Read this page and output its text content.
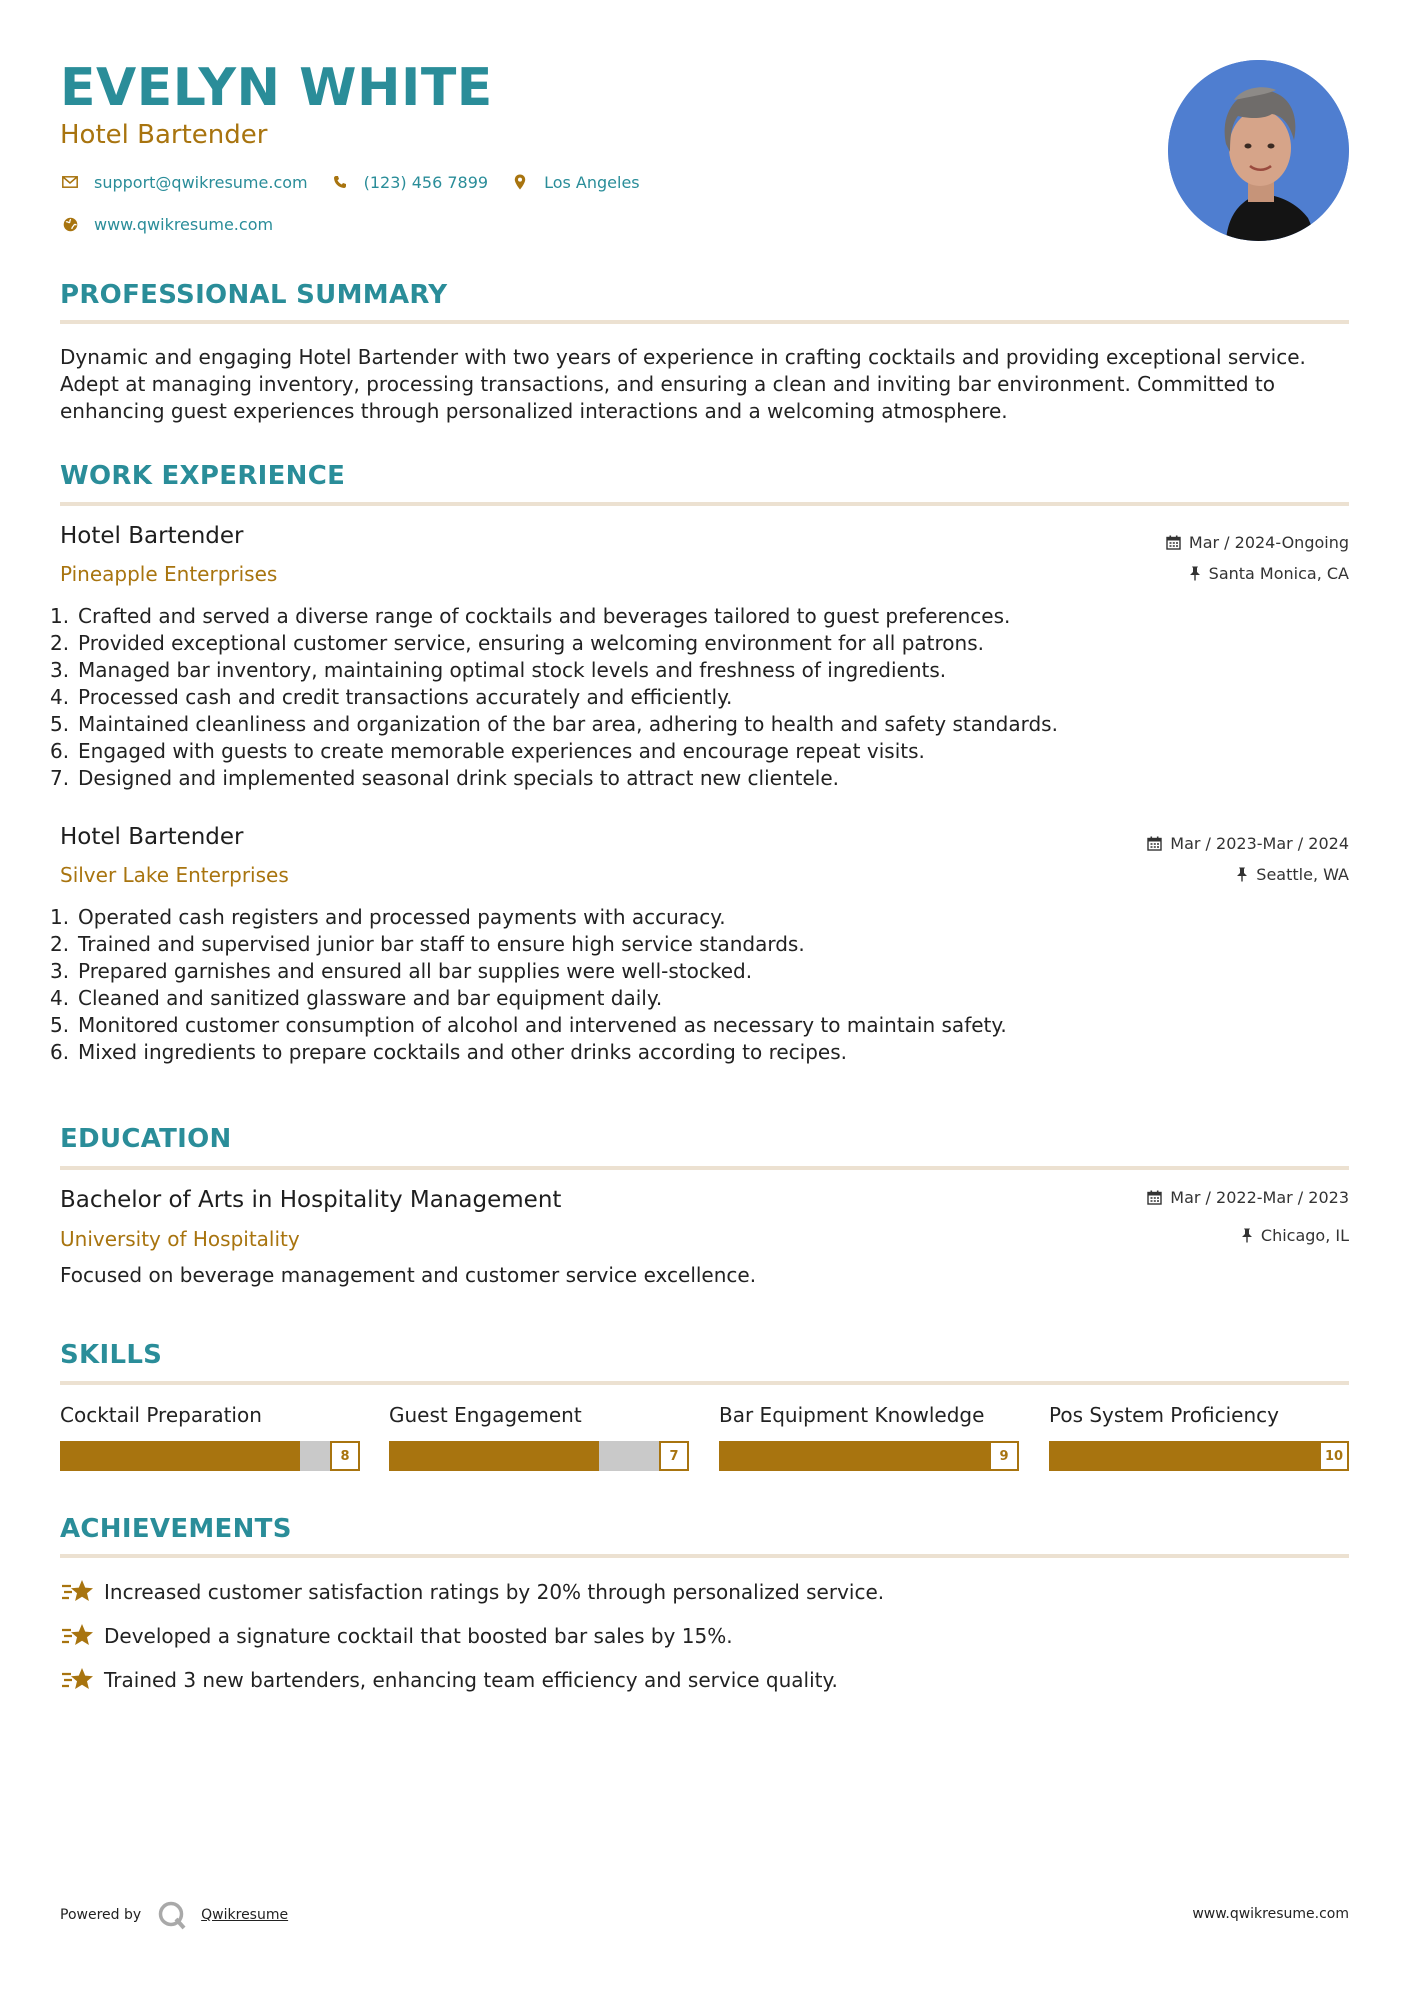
EVELYN WHITE
Hotel Bartender
support@qwikresume.com	(123) 456 7899	Los Angeles
www.qwikresume.com
PROFESSIONAL SUMMARY
Dynamic and engaging Hotel Bartender with two years of experience in crafting cocktails and providing exceptional service. Adept at managing inventory, processing transactions, and ensuring a clean and inviting bar environment. Committed to enhancing guest experiences through personalized interactions and a welcoming atmosphere.
WORK EXPERIENCE
Hotel Bartender
Pineapple Enterprises
Mar / 2024-Ongoing
Santa Monica, CA
1. Crafted and served a diverse range of cocktails and beverages tailored to guest preferences.
2. Provided exceptional customer service, ensuring a welcoming environment for all patrons.
3. Managed bar inventory, maintaining optimal stock levels and freshness of ingredients.
4. Processed cash and credit transactions accurately and efficiently.
5. Maintained cleanliness and organization of the bar area, adhering to health and safety standards.
6. Engaged with guests to create memorable experiences and encourage repeat visits.
7. Designed and implemented seasonal drink specials to attract new clientele.
Hotel Bartender
Silver Lake Enterprises
Mar / 2023-Mar / 2024
Seattle, WA
1. Operated cash registers and processed payments with accuracy.
2. Trained and supervised junior bar staff to ensure high service standards.
3. Prepared garnishes and ensured all bar supplies were well-stocked.
4. Cleaned and sanitized glassware and bar equipment daily.
5. Monitored customer consumption of alcohol and intervened as necessary to maintain safety.
6. Mixed ingredients to prepare cocktails and other drinks according to recipes.
EDUCATION
Bachelor of Arts in Hospitality Management
University of Hospitality
Mar / 2022-Mar / 2023
Chicago, IL
Focused on beverage management and customer service excellence.
SKILLS
Cocktail Preparation
8
Guest Engagement
7
Bar Equipment Knowledge
9
Pos System Proficiency
10
ACHIEVEMENTS
Increased customer satisfaction ratings by 20% through personalized service.
Developed a signature cocktail that boosted bar sales by 15%.
Trained 3 new bartenders, enhancing team efficiency and service quality.
Powered by	Qwikresume	www.qwikresume.com
